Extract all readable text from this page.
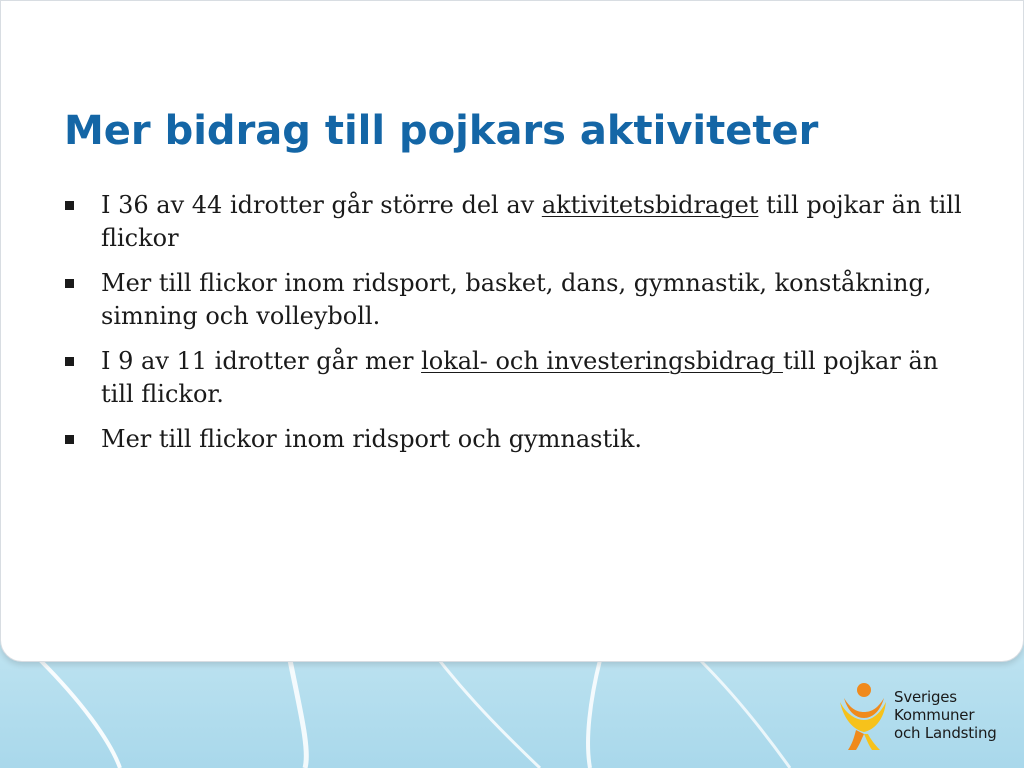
Mer bidrag till pojkars aktiviteter
I 36 av 44 idrotter går större del av aktivitetsbidraget till pojkar än till flickor
Mer till flickor inom ridsport, basket, dans, gymnastik, konståkning, simning och volleyboll.
I 9 av 11 idrotter går mer lokal- och investeringsbidrag till pojkar än till flickor.
Mer till flickor inom ridsport och gymnastik.
Sveriges
Kommuner
och Landsting
